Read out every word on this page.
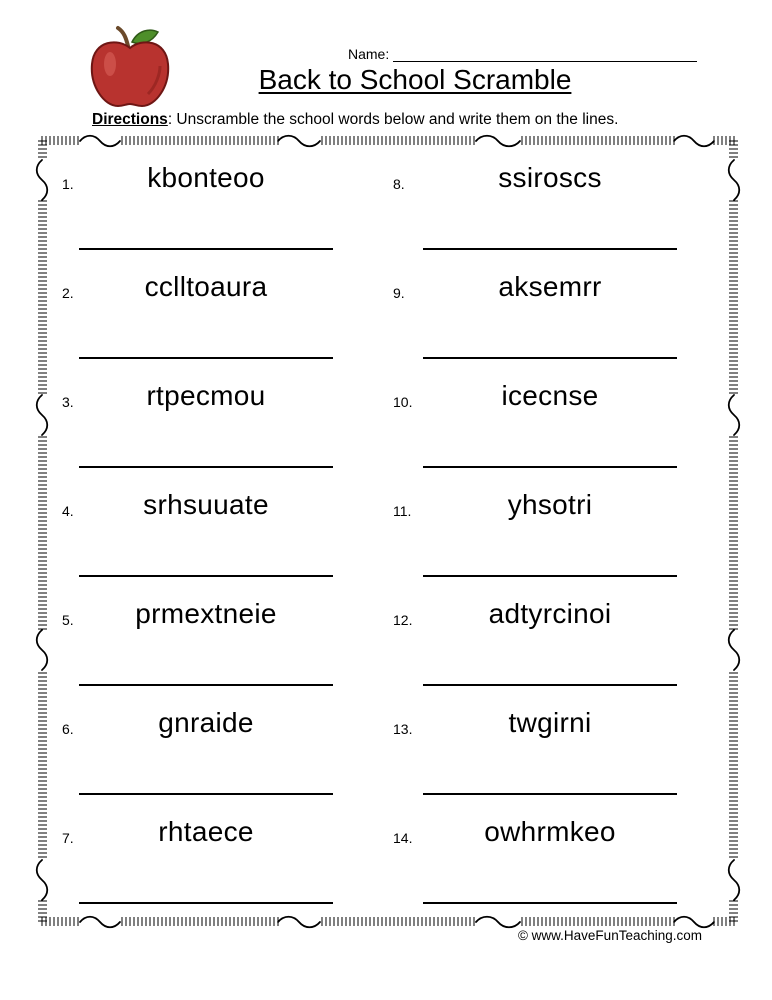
Name:
Back to School Scramble
Directions: Unscramble the school words below and write them on the lines.
1.	kbonteoo
2.	cclltoaura
3.	rtpecmou
4.	srhsuuate
5.	prmextneie
6.	gnraide
7.	rhtaece
8.	ssiroscs
9.	aksemrr
10.	icecnse
11.	yhsotri
12.	adtyrcinoi
13.	twgirni
14.	owhrmkeo
© www.HaveFunTeaching.com
